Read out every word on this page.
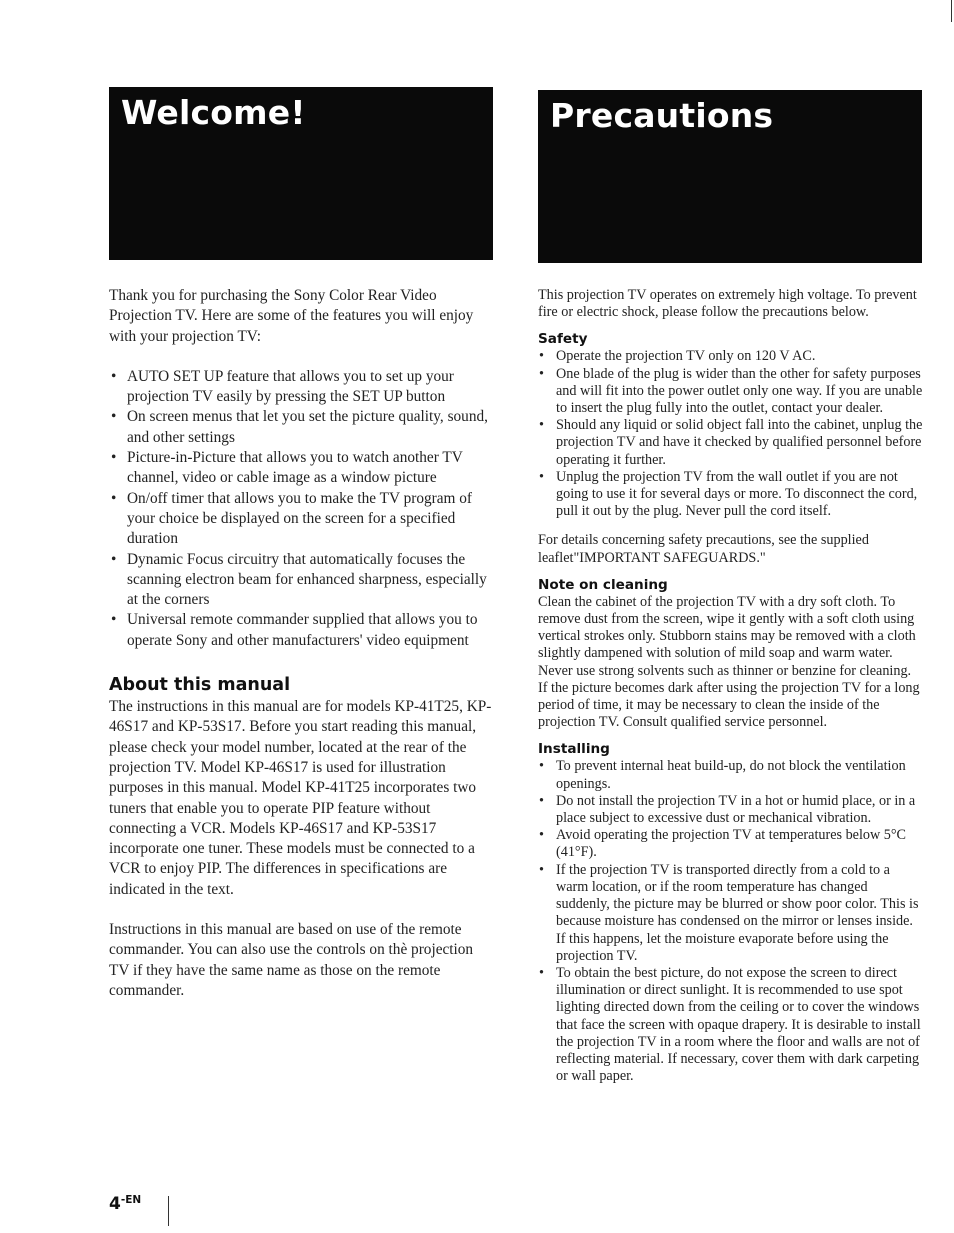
Welcome!	Precautions

Thank you for purchasing the Sony Color Rear Video Projection TV. Here are some of the features you will enjoy with your projection TV:

• AUTO SET UP feature that allows you to set up your projection TV easily by pressing the SET UP button
• On screen menus that let you set the picture quality, sound, and other settings
• Picture-in-Picture that allows you to watch another TV channel, video or cable image as a window picture
• On/off timer that allows you to make the TV program of your choice be displayed on the screen for a specified duration
• Dynamic Focus circuitry that automatically focuses the scanning electron beam for enhanced sharpness, especially at the corners
• Universal remote commander supplied that allows you to operate Sony and other manufacturers' video equipment
About this manual

The instructions in this manual are for models KP-41T25, KP-46S17 and KP-53S17. Before you start reading this manual, please check your model number, located at the rear of the projection TV. Model KP-46S17 is used for illustration purposes in this manual. Model KP-41T25 incorporates two tuners that enable you to operate PIP feature without connecting a VCR. Models KP-46S17 and KP-53S17 incorporate one tuner. These models must be connected to a VCR to enjoy PIP. The differences in specifications are indicated in the text.

Instructions in this manual are based on use of the remote commander. You can also use the controls on thè projection TV if they have the same name as those on the remote commander.

This projection TV operates on extremely high voltage. To prevent fire or electric shock, please follow the precautions below.

Safety
• Operate the projection TV only on 120 V AC.
• One blade of the plug is wider than the other for safety purposes and will fit into the power outlet only one way. If you are unable to insert the plug fully into the outlet, contact your dealer.
• Should any liquid or solid object fall into the cabinet, unplug the projection TV and have it checked by qualified personnel before operating it further.
• Unplug the projection TV from the wall outlet if you are not going to use it for several days or more. To disconnect the cord, pull it out by the plug. Never pull the cord itself.

For details concerning safety precautions, see the supplied leaflet"IMPORTANT SAFEGUARDS."

Note on cleaning

Clean the cabinet of the projection TV with a dry soft cloth. To remove dust from the screen, wipe it gently with a soft cloth using vertical strokes only. Stubborn stains may be removed with a cloth slightly dampened with solution of mild soap and warm water. Never use strong solvents such as thinner or benzine for cleaning.

If the picture becomes dark after using the projection TV for a long period of time, it may be necessary to clean the inside of the projection TV. Consult qualified service personnel.

Installing
• To prevent internal heat build-up, do not block the ventilation openings.
• Do not install the projection TV in a hot or humid place, or in a place subject to excessive dust or mechanical vibration.
• Avoid operating the projection TV at temperatures below 5°C (41°F).
• If the projection TV is transported directly from a cold to a warm location, or if the room temperature has changed suddenly, the picture may be blurred or show poor color. This is because moisture has condensed on the mirror or lenses inside. If this happens, let the moisture evaporate before using the projection TV.
• To obtain the best picture, do not expose the screen to direct illumination or direct sunlight. It is recommended to use spot lighting directed down from the ceiling or to cover the windows that face the screen with opaque drapery. It is desirable to install the projection TV in a room where the floor and walls are not of reflecting material. If necessary, cover them with dark carpeting or wall paper.
$4^{-EN}$
